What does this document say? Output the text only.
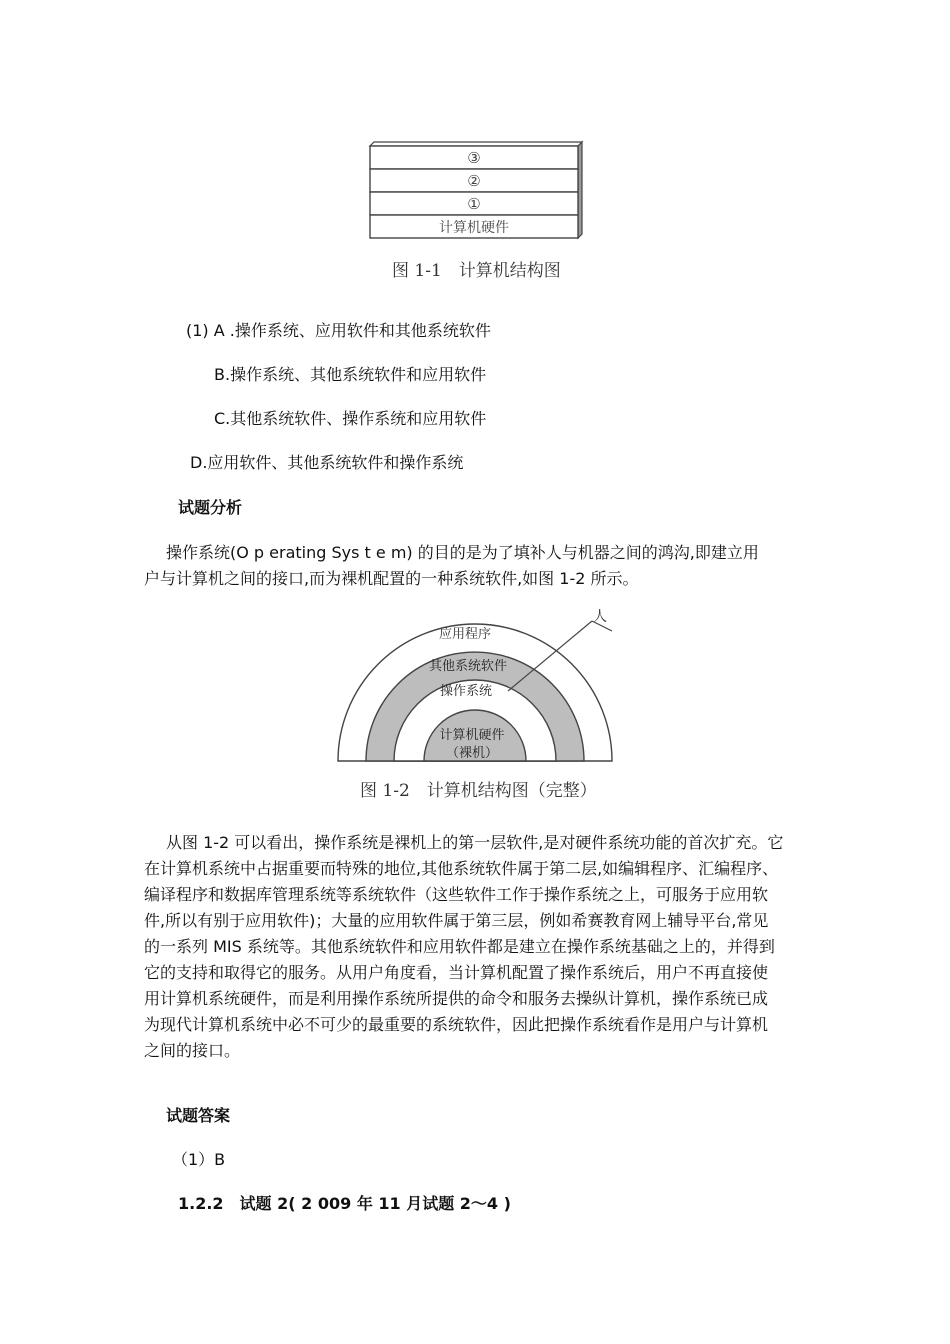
③
②
①
计算机硬件
图 1-1　计算机结构图
(1) A .操作系统、应用软件和其他系统软件
B.操作系统、其他系统软件和应用软件
C.其他系统软件、操作系统和应用软件
D.应用软件、其他系统软件和操作系统
试题分析
操作系统(O p erating Sys t e m) 的目的是为了填补人与机器之间的鸿沟,即建立用
户与计算机之间的接口,而为裸机配置的一种系统软件,如图 1-2 所示。
人
应用程序
其他系统软件
操作系统
计算机硬件
（裸机）
图 1-2　计算机结构图（完整）
从图 1-2 可以看出，操作系统是裸机上的第一层软件,是对硬件系统功能的首次扩充。它
在计算机系统中占据重要而特殊的地位,其他系统软件属于第二层,如编辑程序、汇编程序、
编译程序和数据库管理系统等系统软件（这些软件工作于操作系统之上，可服务于应用软
件,所以有别于应用软件)；大量的应用软件属于第三层，例如希赛教育网上辅导平台,常见
的一系列 MIS 系统等。其他系统软件和应用软件都是建立在操作系统基础之上的，并得到
它的支持和取得它的服务。从用户角度看，当计算机配置了操作系统后，用户不再直接使
用计算机系统硬件，而是利用操作系统所提供的命令和服务去操纵计算机，操作系统已成
为现代计算机系统中必不可少的最重要的系统软件，因此把操作系统看作是用户与计算机
之间的接口。
试题答案
（1）B
1.2.2　试题 2( 2 009 年 11 月试题 2～4 )
